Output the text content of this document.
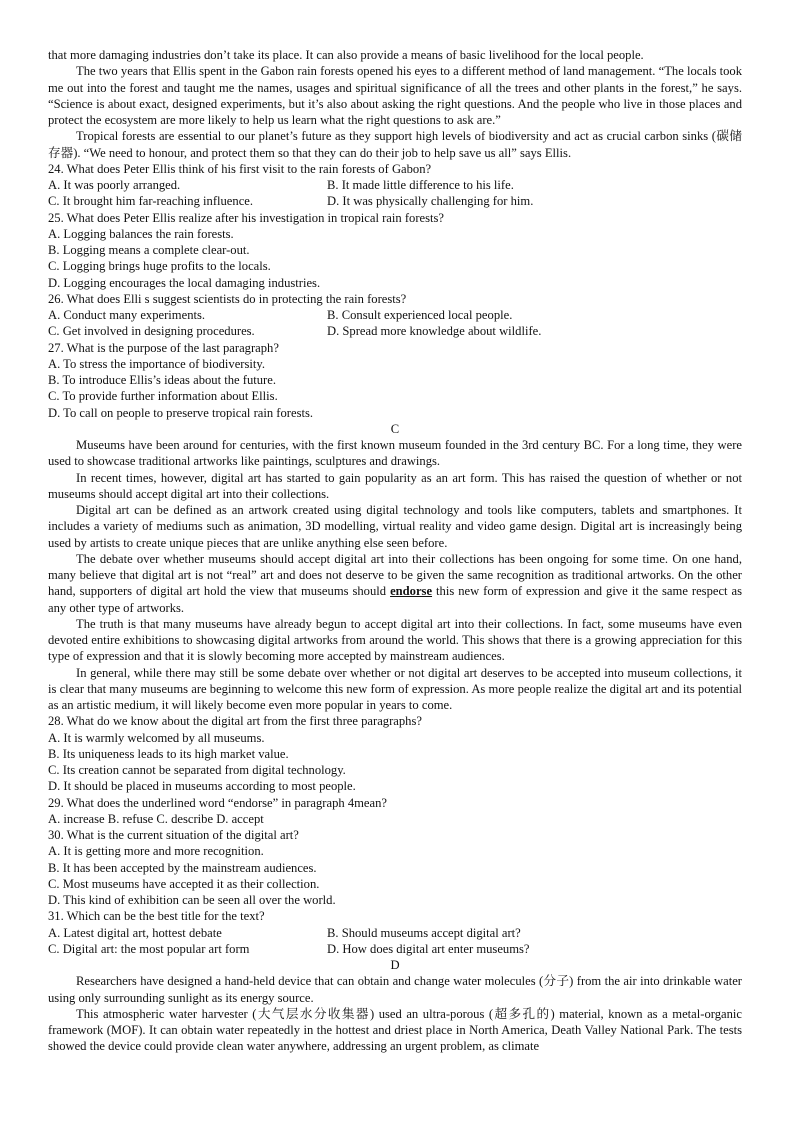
that more damaging industries don’t take its place. It can also provide a means of basic livelihood for the local people.

The two years that Ellis spent in the Gabon rain forests opened his eyes to a different method of land management. “The locals took me out into the forest and taught me the names, usages and spiritual significance of all the trees and other plants in the forest,” he says. “Science is about exact, designed experiments, but it’s also about asking the right questions. And the people who live in those places and protect the ecosystem are more likely to help us learn what the right questions to ask are.”

Tropical forests are essential to our planet’s future as they support high levels of biodiversity and act as crucial carbon sinks (碳储存器). “We need to honour, and protect them so that they can do their job to help save us all” says Ellis.

24. What does Peter Ellis think of his first visit to the rain forests of Gabon?

A. It was poorly arranged.	B. It made little difference to his life.
C. It brought him far-reaching influence.	D. It was physically challenging for him.

25. What does Peter Ellis realize after his investigation in tropical rain forests?

A. Logging balances the rain forests.

B. Logging means a complete clear-out.

C. Logging brings huge profits to the locals.

D. Logging encourages the local damaging industries.

26. What does Elli s suggest scientists do in protecting the rain forests?

A. Conduct many experiments.	B. Consult experienced local people.
C. Get involved in designing procedures.	D. Spread more knowledge about wildlife.

27. What is the purpose of the last paragraph?

A. To stress the importance of biodiversity.

B. To introduce Ellis’s ideas about the future.

C. To provide further information about Ellis.

D. To call on people to preserve tropical rain forests.

C

Museums have been around for centuries, with the first known museum founded in the 3rd century BC. For a long time, they were used to showcase traditional artworks like paintings, sculptures and drawings.

In recent times, however, digital art has started to gain popularity as an art form. This has raised the question of whether or not museums should accept digital art into their collections.

Digital art can be defined as an artwork created using digital technology and tools like computers, tablets and smartphones. It includes a variety of mediums such as animation, 3D modelling, virtual reality and video game design. Digital art is increasingly being used by artists to create unique pieces that are unlike anything else seen before.

The debate over whether museums should accept digital art into their collections has been ongoing for some time. On one hand, many believe that digital art is not “real” art and does not deserve to be given the same recognition as traditional artworks. On the other hand, supporters of digital art hold the view that museums should endorse this new form of expression and give it the same respect as any other type of artworks.

The truth is that many museums have already begun to accept digital art into their collections. In fact, some museums have even devoted entire exhibitions to showcasing digital artworks from around the world. This shows that there is a growing appreciation for this type of expression and that it is slowly becoming more accepted by mainstream audiences.

In general, while there may still be some debate over whether or not digital art deserves to be accepted into museum collections, it is clear that many museums are beginning to welcome this new form of expression. As more people realize the digital art and its potential as an artistic medium, it will likely become even more popular in years to come.

28. What do we know about the digital art from the first three paragraphs?

A. It is warmly welcomed by all museums.

B. Its uniqueness leads to its high market value.

C. Its creation cannot be separated from digital technology.

D. It should be placed in museums according to most people.

29. What does the underlined word “endorse” in paragraph 4mean?

A. increase B. refuse C. describe D. accept

30. What is the current situation of the digital art?

A. It is getting more and more recognition.

B. It has been accepted by the mainstream audiences.

C. Most museums have accepted it as their collection.

D. This kind of exhibition can be seen all over the world.

31. Which can be the best title for the text?

A. Latest digital art, hottest debate	B. Should museums accept digital art?
C. Digital art: the most popular art form	D. How does digital art enter museums?

D

Researchers have designed a hand-held device that can obtain and change water molecules (分子) from the air into drinkable water using only surrounding sunlight as its energy source.

This atmospheric water harvester (大气层水分收集器) used an ultra-porous (超多孔的) material, known as a metal-organic framework (MOF). It can obtain water repeatedly in the hottest and driest place in North America, Death Valley National Park. The tests showed the device could provide clean water anywhere, addressing an urgent problem, as climate
